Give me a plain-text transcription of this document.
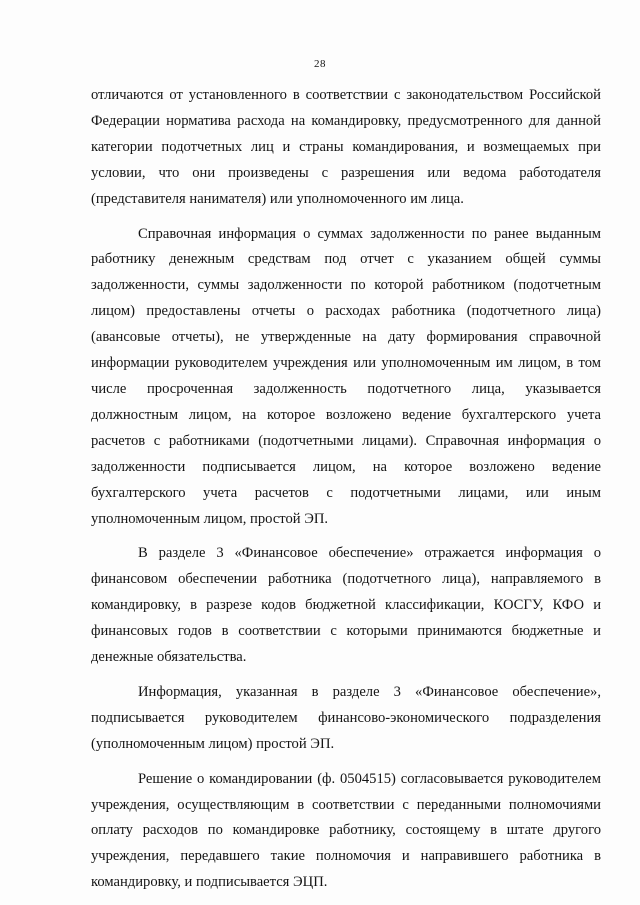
28

отличаются от установленного в соответствии с законодательством Российской Федерации норматива расхода на командировку, предусмотренного для данной категории подотчетных лиц и страны командирования, и возмещаемых при условии, что они произведены с разрешения или ведома работодателя (представителя нанимателя) или уполномоченного им лица.

Справочная информация о суммах задолженности по ранее выданным работнику денежным средствам под отчет с указанием общей суммы задолженности, суммы задолженности по которой работником (подотчетным лицом) предоставлены отчеты о расходах работника (подотчетного лица) (авансовые отчеты), не утвержденные на дату формирования справочной информации руководителем учреждения или уполномоченным им лицом, в том числе просроченная задолженность подотчетного лица, указывается должностным лицом, на которое возложено ведение бухгалтерского учета расчетов с работниками (подотчетными лицами). Справочная информация о задолженности подписывается лицом, на которое возложено ведение бухгалтерского учета расчетов с подотчетными лицами, или иным уполномоченным лицом, простой ЭП.

В разделе 3 «Финансовое обеспечение» отражается информация о финансовом обеспечении работника (подотчетного лица), направляемого в командировку, в разрезе кодов бюджетной классификации, КОСГУ, КФО и финансовых годов в соответствии с которыми принимаются бюджетные и денежные обязательства.

Информация, указанная в разделе 3 «Финансовое обеспечение», подписывается руководителем финансово-экономического подразделения (уполномоченным лицом) простой ЭП.

Решение о командировании (ф. 0504515) согласовывается руководителем учреждения, осуществляющим в соответствии с переданными полномочиями оплату расходов по командировке работнику, состоящему в штате другого учреждения, передавшего такие полномочия и направившего работника в командировку, и подписывается ЭЦП.
